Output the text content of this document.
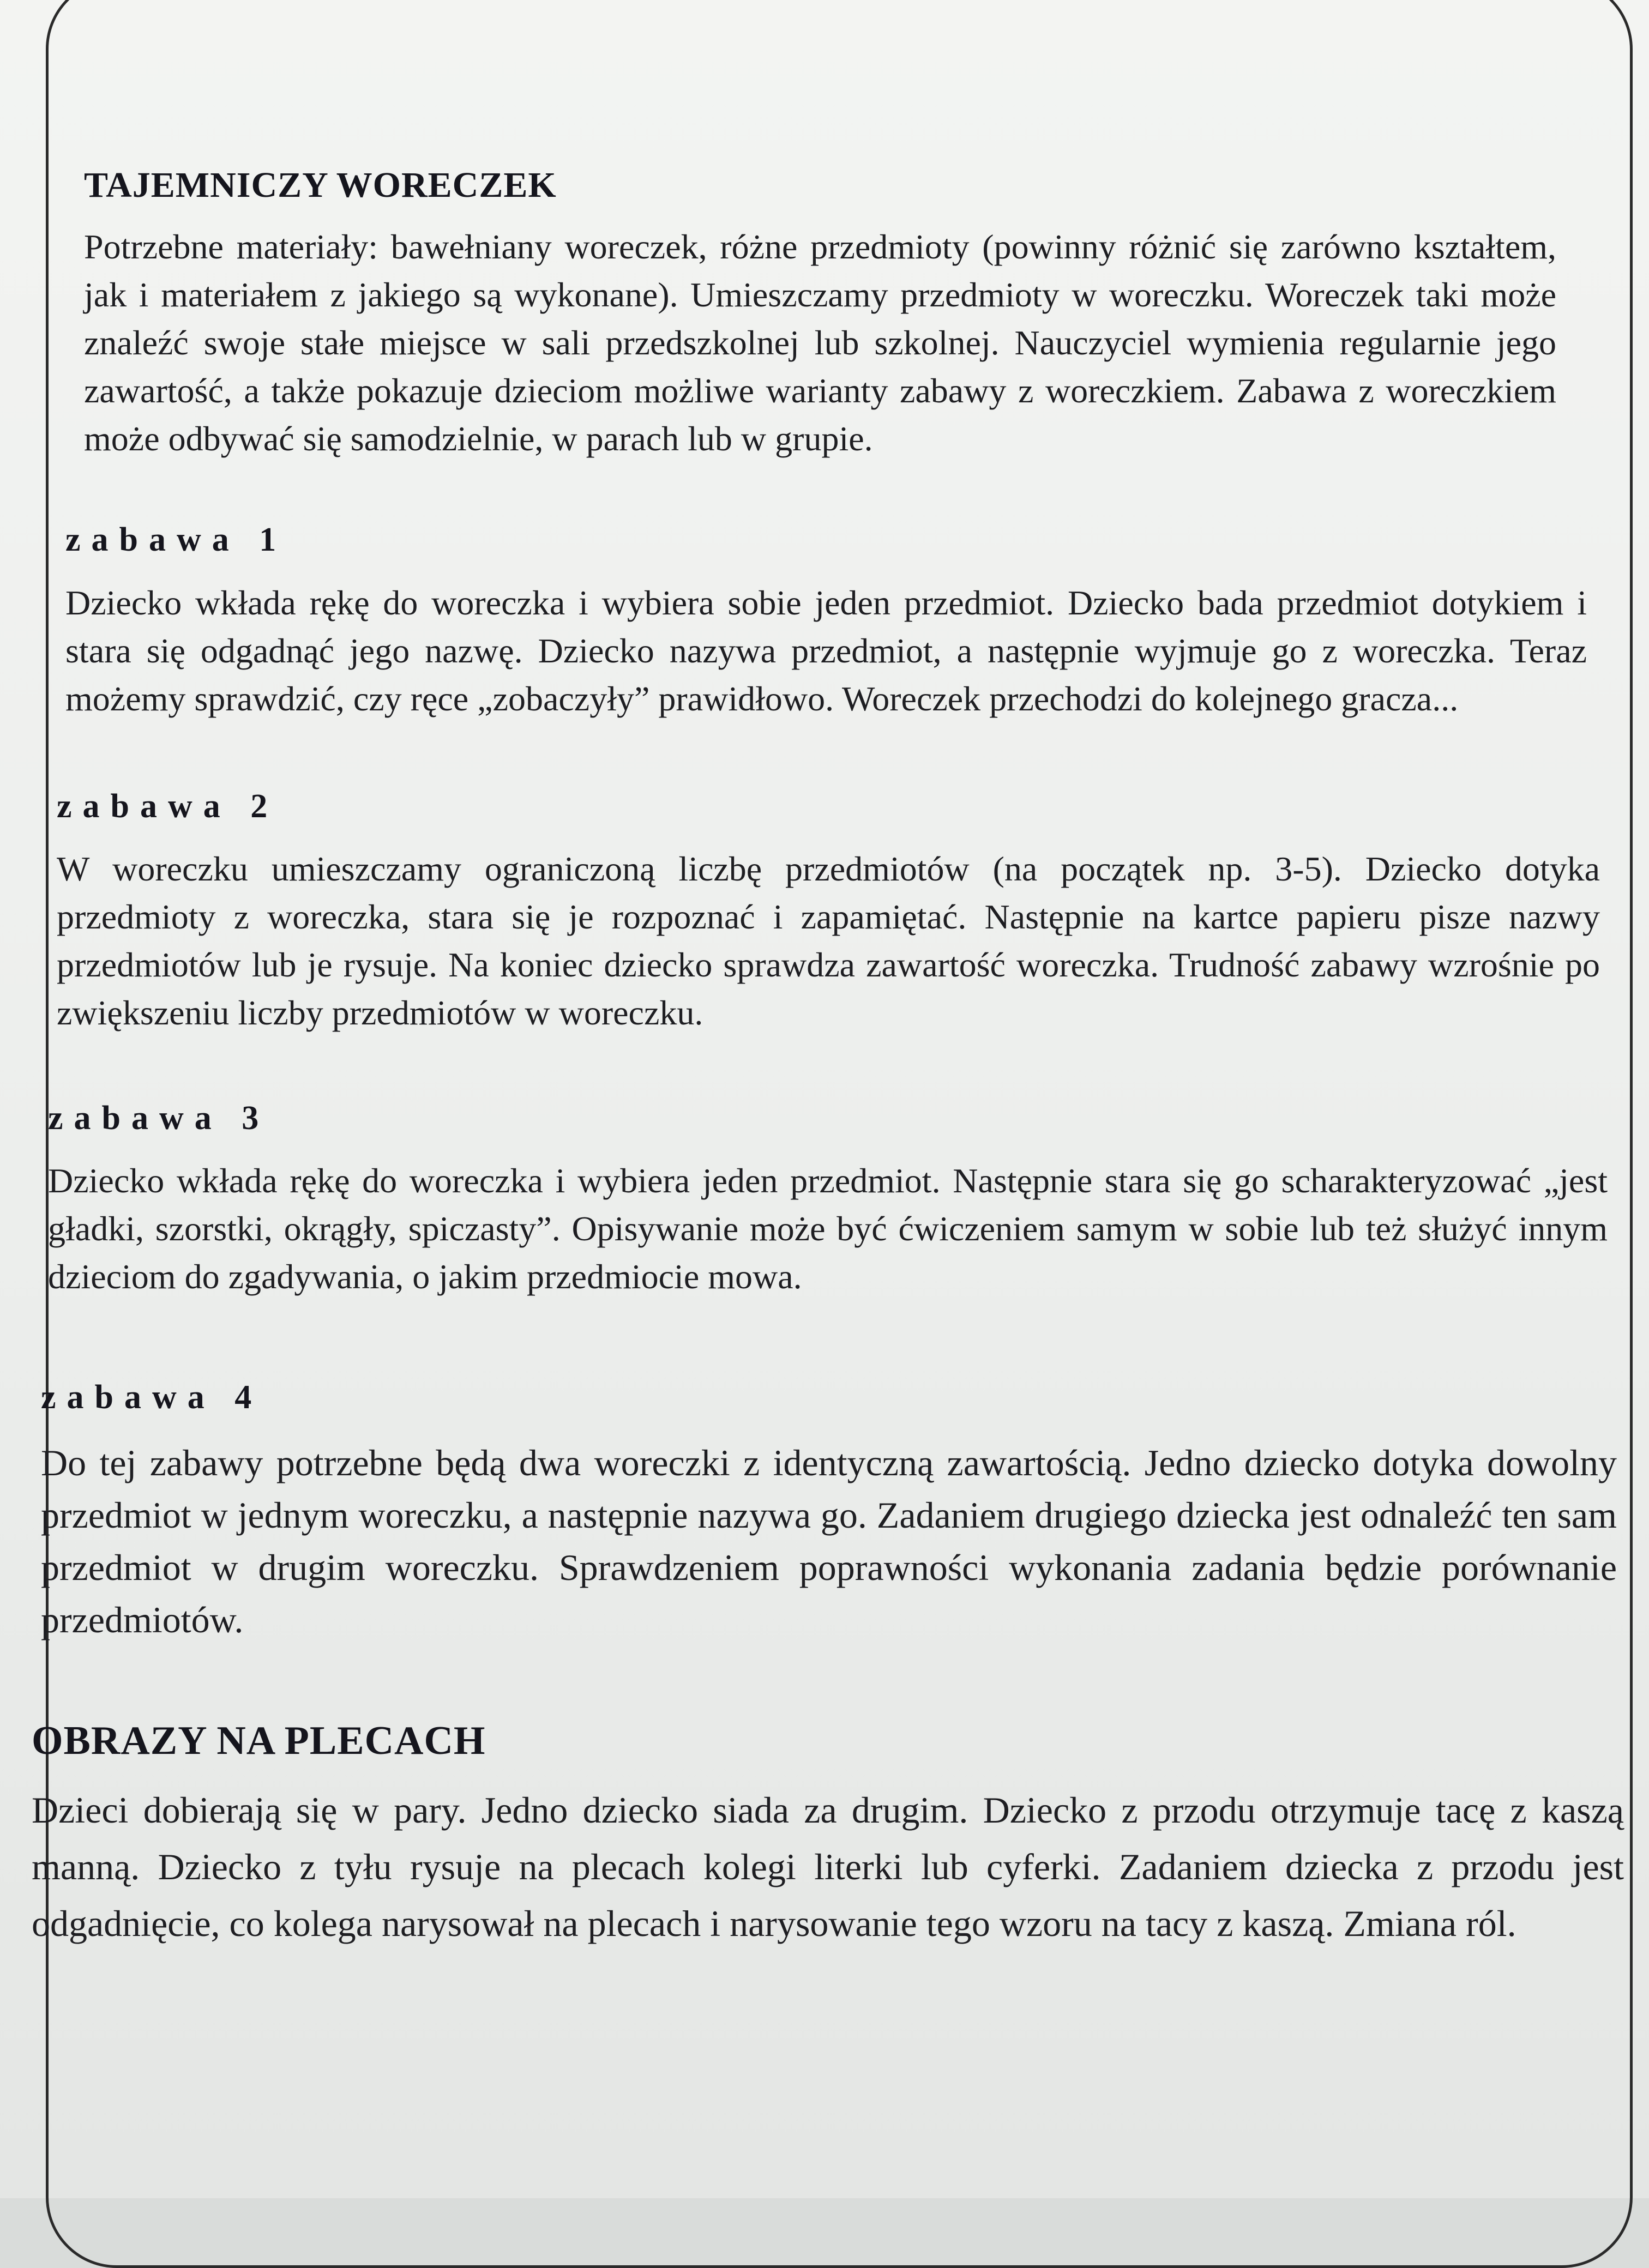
TAJEMNICZY WORECZEK

Potrzebne materiały: bawełniany woreczek, różne przedmioty (powinny różnić się zarówno kształtem, jak i materiałem z jakiego są wykonane). Umieszczamy przedmioty w woreczku. Woreczek taki może znaleźć swoje stałe miejsce w sali przedszkolnej lub szkolnej. Nauczyciel wymienia regularnie jego zawartość, a także pokazuje dzieciom możliwe warianty zabawy z woreczkiem. Zabawa z woreczkiem może odbywać się samodzielnie, w parach lub w grupie.

zabawa 1

Dziecko wkłada rękę do woreczka i wybiera sobie jeden przedmiot. Dziecko bada przedmiot dotykiem i stara się odgadnąć jego nazwę. Dziecko nazywa przedmiot, a następnie wyjmuje go z woreczka. Teraz możemy sprawdzić, czy ręce „zobaczyły” prawidłowo. Woreczek przechodzi do kolejnego gracza...

zabawa 2

W woreczku umieszczamy ograniczoną liczbę przedmiotów (na początek np. 3-5). Dziecko dotyka przedmioty z woreczka, stara się je rozpoznać i zapamiętać. Następnie na kartce papieru pisze nazwy przedmiotów lub je rysuje. Na koniec dziecko sprawdza zawartość woreczka. Trudność zabawy wzrośnie po zwiększeniu liczby przedmiotów w woreczku.

zabawa 3

Dziecko wkłada rękę do woreczka i wybiera jeden przedmiot. Następnie stara się go scharakteryzować „jest gładki, szorstki, okrągły, spiczasty”. Opisywanie może być ćwiczeniem samym w sobie lub też służyć innym dzieciom do zgadywania, o jakim przedmiocie mowa.

zabawa 4

Do tej zabawy potrzebne będą dwa woreczki z identyczną zawartością. Jedno dziecko dotyka dowolny przedmiot w jednym woreczku, a następnie nazywa go. Zadaniem drugiego dziecka jest odnaleźć ten sam przedmiot w drugim woreczku. Sprawdzeniem poprawności wykonania zadania będzie porównanie przedmiotów.

OBRAZY NA PLECACH

Dzieci dobierają się w pary. Jedno dziecko siada za drugim. Dziecko z przodu otrzymuje tacę z kaszą manną. Dziecko z tyłu rysuje na plecach kolegi literki lub cyferki. Zadaniem dziecka z przodu jest odgadnięcie, co kolega narysował na plecach i narysowanie tego wzoru na tacy z kaszą. Zmiana ról.
